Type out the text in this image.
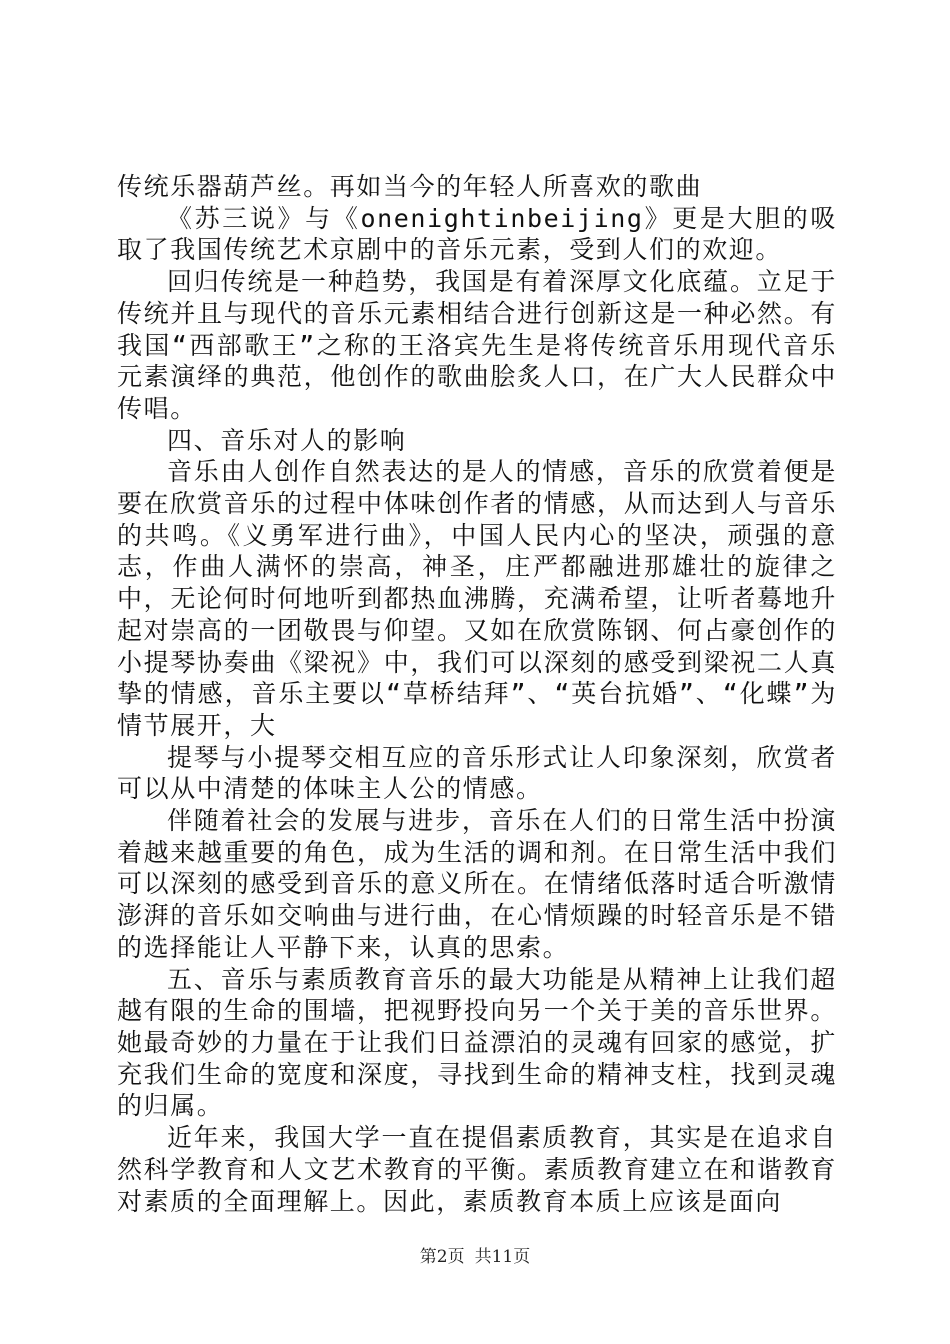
传统乐器葫芦丝。再如当今的年轻人所喜欢的歌曲

《苏三说》与《onenightinbeijing》更是大胆的吸取了我国传统艺术京剧中的音乐元素，受到人们的欢迎。

回归传统是一种趋势，我国是有着深厚文化底蕴。立足于传统并且与现代的音乐元素相结合进行创新这是一种必然。有我国“西部歌王”之称的王洛宾先生是将传统音乐用现代音乐元素演绎的典范，他创作的歌曲脍炙人口，在广大人民群众中传唱。

四、音乐对人的影响

音乐由人创作自然表达的是人的情感，音乐的欣赏着便是要在欣赏音乐的过程中体味创作者的情感，从而达到人与音乐的共鸣。《义勇军进行曲》，中国人民内心的坚决，顽强的意志，作曲人满怀的崇高，神圣，庄严都融进那雄壮的旋律之中，无论何时何地听到都热血沸腾，充满希望，让听者蓦地升起对崇高的一团敬畏与仰望。又如在欣赏陈钢、何占豪创作的小提琴协奏曲《梁祝》中，我们可以深刻的感受到梁祝二人真挚的情感，音乐主要以“草桥结拜”、“英台抗婚”、“化蝶”为情节展开，大

提琴与小提琴交相互应的音乐形式让人印象深刻，欣赏者可以从中清楚的体味主人公的情感。

伴随着社会的发展与进步，音乐在人们的日常生活中扮演着越来越重要的角色，成为生活的调和剂。在日常生活中我们可以深刻的感受到音乐的意义所在。在情绪低落时适合听激情澎湃的音乐如交响曲与进行曲，在心情烦躁的时轻音乐是不错的选择能让人平静下来，认真的思索。

五、音乐与素质教育音乐的最大功能是从精神上让我们超越有限的生命的围墙，把视野投向另一个关于美的音乐世界。她最奇妙的力量在于让我们日益漂泊的灵魂有回家的感觉，扩充我们生命的宽度和深度，寻找到生命的精神支柱，找到灵魂的归属。

近年来，我国大学一直在提倡素质教育，其实是在追求自然科学教育和人文艺术教育的平衡。素质教育建立在和谐教育对素质的全面理解上。因此，素质教育本质上应该是面向

第2页 共11页
